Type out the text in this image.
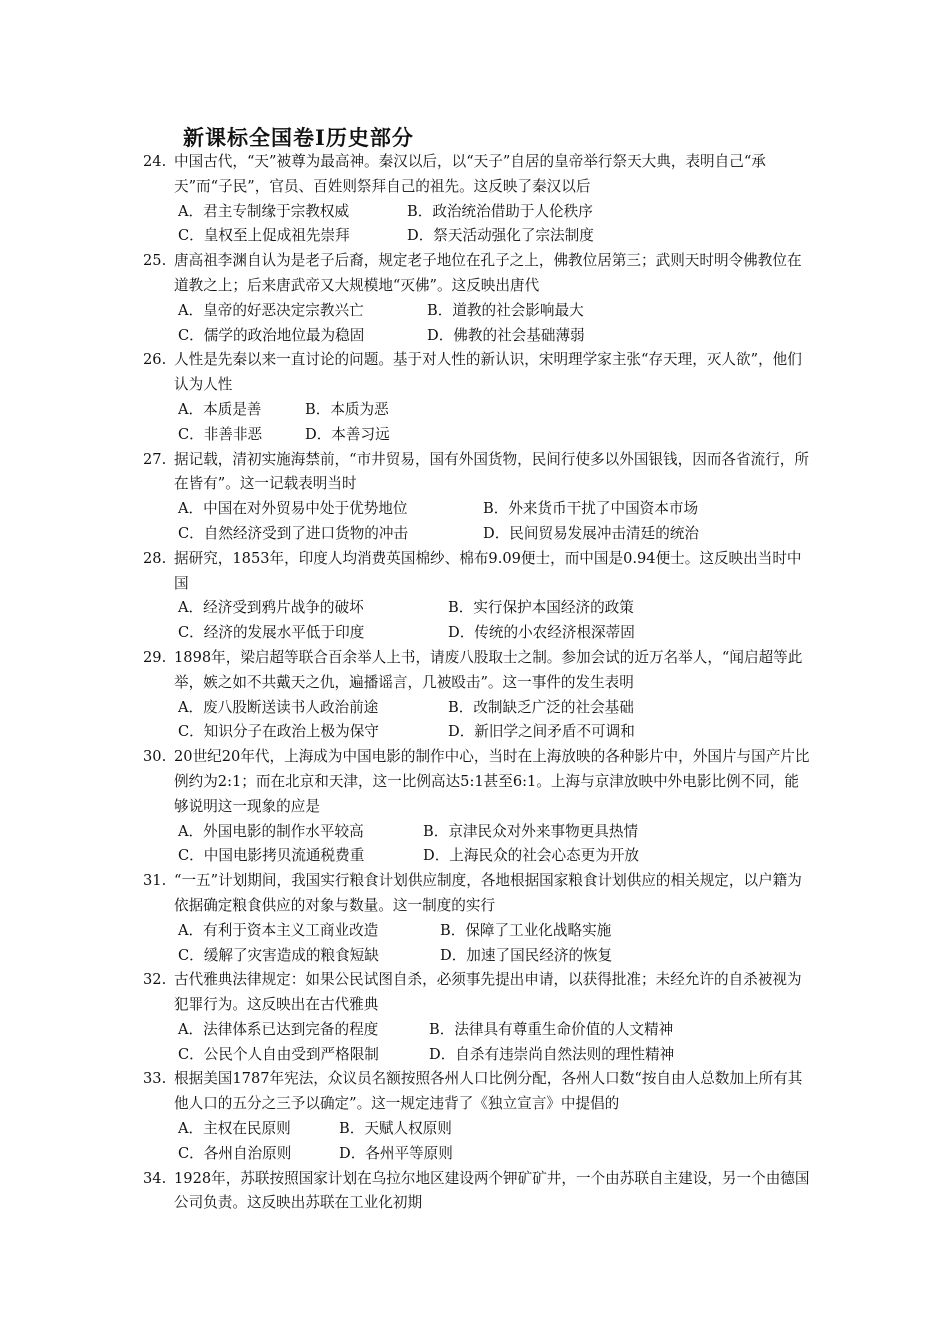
新课标全国卷Ⅰ历史部分
24. 中国古代，“天”被尊为最高神。秦汉以后，以“天子”自居的皇帝举行祭天大典，表明自己“承天”而“子民”，官员、百姓则祭拜自己的祖先。这反映了秦汉以后
A．君主专制缘于宗教权威	B．政治统治借助于人伦秩序
C．皇权至上促成祖先崇拜	D．祭天活动强化了宗法制度
25. 唐高祖李渊自认为是老子后裔，规定老子地位在孔子之上，佛教位居第三；武则天时明令佛教位在道教之上；后来唐武帝又大规模地“灭佛”。这反映出唐代
A．皇帝的好恶决定宗教兴亡	B．道教的社会影响最大
C．儒学的政治地位最为稳固	D．佛教的社会基础薄弱
26. 人性是先秦以来一直讨论的问题。基于对人性的新认识，宋明理学家主张“存天理，灭人欲”，他们认为人性
A．本质是善	B．本质为恶
C．非善非恶	D．本善习远
27. 据记载，清初实施海禁前，“市井贸易，国有外国货物，民间行使多以外国银钱，因而各省流行，所在皆有”。这一记载表明当时
A．中国在对外贸易中处于优势地位	B．外来货币干扰了中国资本市场
C．自然经济受到了进口货物的冲击	D．民间贸易发展冲击清廷的统治
28. 据研究，1853年，印度人均消费英国棉纱、棉布9.09便士，而中国是0.94便士。这反映出当时中国
A．经济受到鸦片战争的破坏	B．实行保护本国经济的政策
C．经济的发展水平低于印度	D．传统的小农经济根深蒂固
29. 1898年，梁启超等联合百余举人上书，请废八股取士之制。参加会试的近万名举人，“闻启超等此举，嫉之如不共戴天之仇，遍播谣言，几被殴击”。这一事件的发生表明
A．废八股断送读书人政治前途	B．改制缺乏广泛的社会基础
C．知识分子在政治上极为保守	D．新旧学之间矛盾不可调和
30. 20世纪20年代，上海成为中国电影的制作中心，当时在上海放映的各种影片中，外国片与国产片比例约为2:1；而在北京和天津，这一比例高达5:1甚至6:1。上海与京津放映中外电影比例不同，能够说明这一现象的应是
A．外国电影的制作水平较高	B．京津民众对外来事物更具热情
C．中国电影拷贝流通税费重	D．上海民众的社会心态更为开放
31. “一五”计划期间，我国实行粮食计划供应制度，各地根据国家粮食计划供应的相关规定，以户籍为依据确定粮食供应的对象与数量。这一制度的实行
A．有利于资本主义工商业改造	B．保障了工业化战略实施
C．缓解了灾害造成的粮食短缺	D．加速了国民经济的恢复
32. 古代雅典法律规定：如果公民试图自杀，必须事先提出申请，以获得批准；未经允许的自杀被视为犯罪行为。这反映出在古代雅典
A．法律体系已达到完备的程度	B．法律具有尊重生命价值的人文精神
C．公民个人自由受到严格限制	D．自杀有违崇尚自然法则的理性精神
33. 根据美国1787年宪法，众议员名额按照各州人口比例分配，各州人口数“按自由人总数加上所有其他人口的五分之三予以确定”。这一规定违背了《独立宣言》中提倡的
A．主权在民原则	B．天赋人权原则
C．各州自治原则	D．各州平等原则
34. 1928年，苏联按照国家计划在乌拉尔地区建设两个钾矿矿井，一个由苏联自主建设，另一个由德国公司负责。这反映出苏联在工业化初期
